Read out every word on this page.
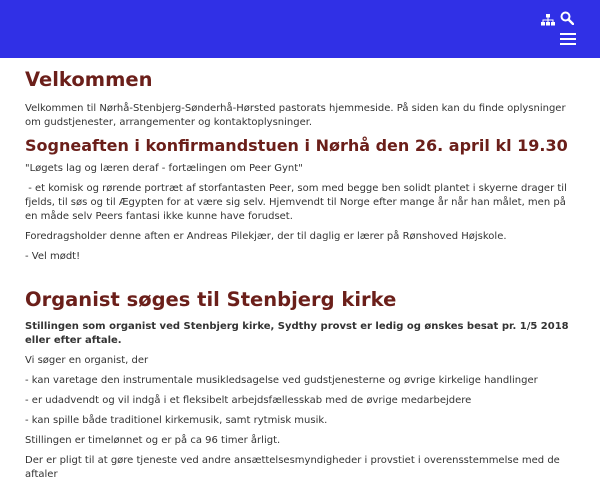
Velkommen

Velkommen til Nørhå-Stenbjerg-Sønderhå-Hørsted pastorats hjemmeside. På siden kan du finde oplysninger om gudstjenester, arrangementer og kontaktoplysninger.

Sogneaften i konfirmandstuen i Nørhå den 26. april kl 19.30

"Løgets lag og læren deraf - fortælingen om Peer Gynt"

- et komisk og rørende portræt af storfantasten Peer, som med begge ben solidt plantet i skyerne drager til fjelds, til søs og til Ægypten for at være sig selv. Hjemvendt til Norge efter mange år når han målet, men på en måde selv Peers fantasi ikke kunne have forudset.

Foredragsholder denne aften er Andreas Pilekjær, der til daglig er lærer på Rønshoved Højskole.

- Vel mødt!

Organist søges til Stenbjerg kirke

Stillingen som organist ved Stenbjerg kirke, Sydthy provst er ledig og ønskes besat pr. 1/5 2018 eller efter aftale.

Vi søger en organist, der

- kan varetage den instrumentale musikledsagelse ved gudstjenesterne og øvrige kirkelige handlinger

- er udadvendt og vil indgå i et fleksibelt arbejdsfællesskab med de øvrige medarbejdere

- kan spille både traditionel kirkemusik, samt rytmisk musik.

Stillingen er timelønnet og er på ca 96 timer årligt.

Der er pligt til at gøre tjeneste ved andre ansættelsesmyndigheder i provstiet i overensstemmelse med de aftaler
